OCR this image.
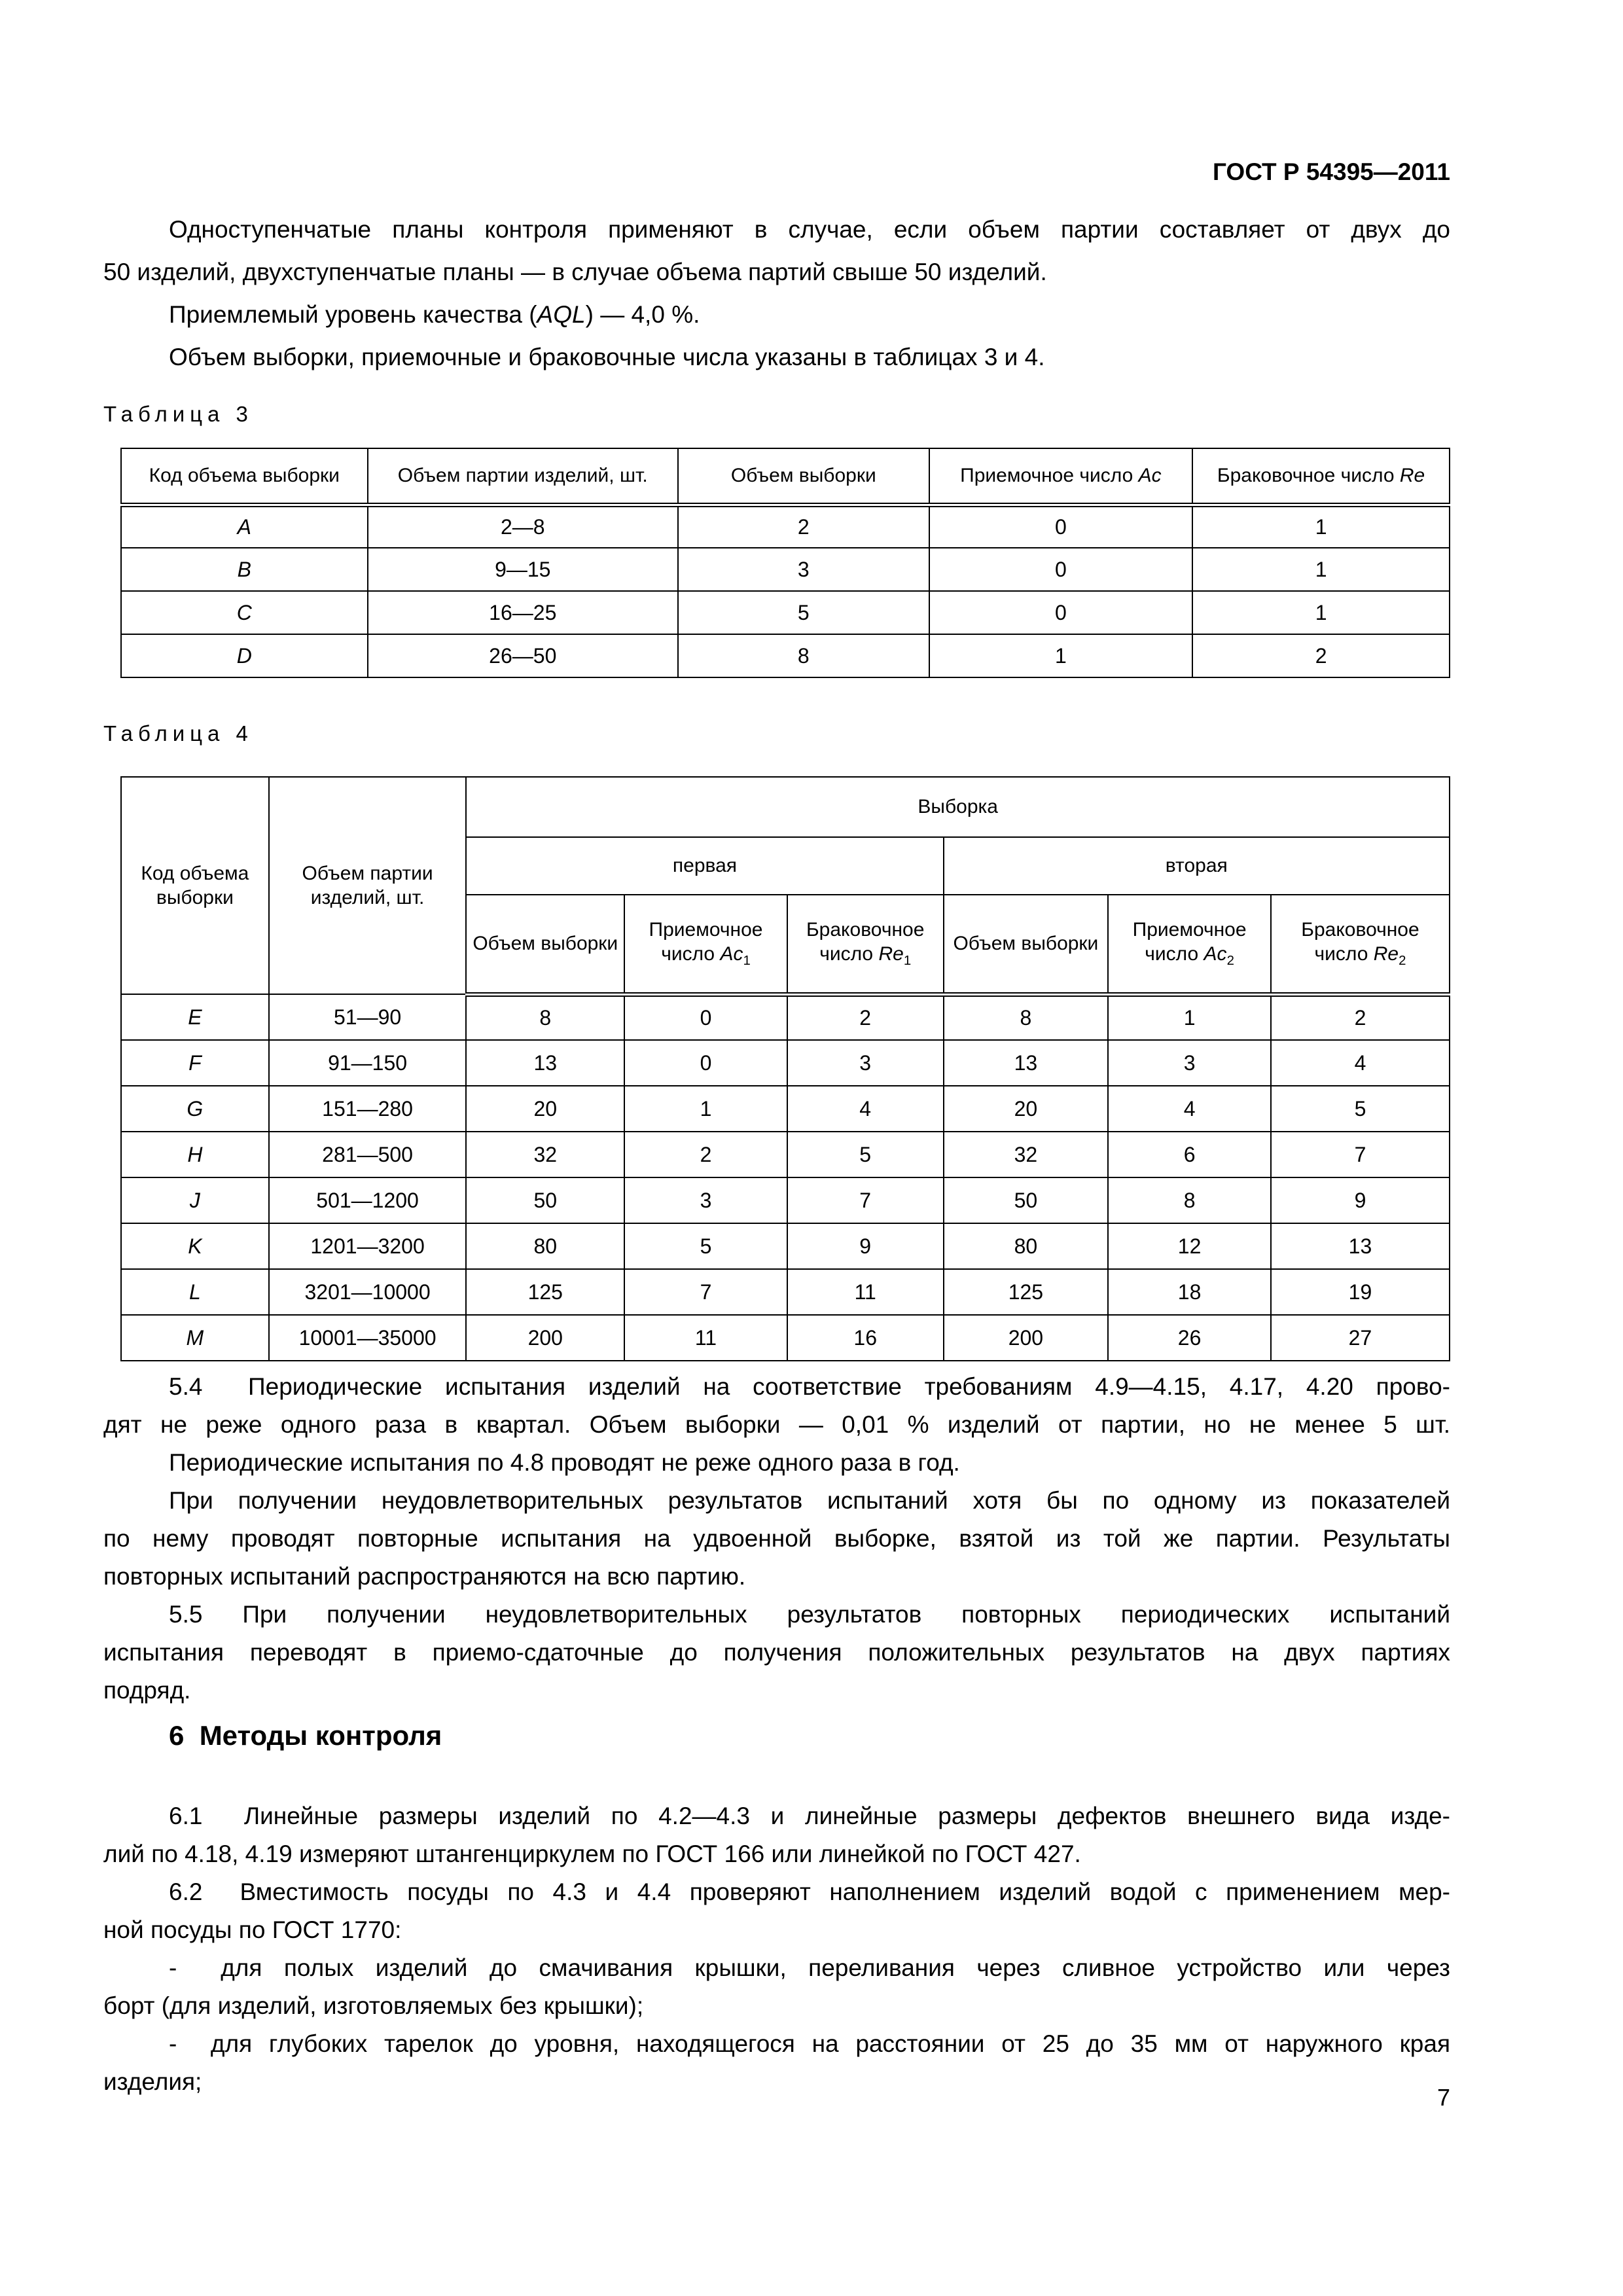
ГОСТ Р 54395—2011
Одноступенчатые планы контроля применяют в случае, если объем партии составляет от двух до
50 изделий, двухступенчатые планы — в случае объема партий свыше 50 изделий.
Приемлемый уровень качества (AQL) — 4,0 %.
Объем выборки, приемочные и браковочные числа указаны в таблицах 3 и 4.
Таблица 3
Код объема выборки	Объем партии изделий, шт.	Объем выборки	Приемочное число Ac	Браковочное число Re
A	2—8	2	0	1
B	9—15	3	0	1
C	16—25	5	0	1
D	26—50	8	1	2
Таблица 4
Код объема выборки	Объем партии изделий, шт.	Выборка					
		первая			вторая		
		Объем выборки	Приемочное число $Ac_1$	Браковочное число $Re_1$	Объем выборки	Приемочное число $Ac_2$	Браковочное число $Re_2$
E	51—90	8	0	2	8	1	2
F	91—150	13	0	3	13	3	4
G	151—280	20	1	4	20	4	5
H	281—500	32	2	5	32	6	7
J	501—1200	50	3	7	50	8	9
K	1201—3200	80	5	9	80	12	13
L	3201—10000	125	7	11	125	18	19
M	10001—35000	200	11	16	200	26	27
5.4  Периодические испытания изделий на соответствие требованиям 4.9—4.15, 4.17, 4.20 прово-
дят не реже одного раза в квартал. Объем выборки — 0,01 % изделий от партии, но не менее 5 шт.
Периодические испытания по 4.8 проводят не реже одного раза в год.
При получении неудовлетворительных результатов испытаний хотя бы по одному из показателей
по нему проводят повторные испытания на удвоенной выборке, взятой из той же партии. Результаты
повторных испытаний распространяются на всю партию.
5.5 При получении неудовлетворительных результатов повторных периодических испытаний
испытания переводят в приемо-сдаточные до получения положительных результатов на двух партиях
подряд.
6  Методы контроля
6.1  Линейные размеры изделий по 4.2—4.3 и линейные размеры дефектов внешнего вида изде-
лий по 4.18, 4.19 измеряют штангенциркулем по ГОСТ 166 или линейкой по ГОСТ 427.
6.2  Вместимость посуды по 4.3 и 4.4 проверяют наполнением изделий водой с применением мер-
ной посуды по ГОСТ 1770:
-  для полых изделий до смачивания крышки, переливания через сливное устройство или через
борт (для изделий, изготовляемых без крышки);
-  для глубоких тарелок до уровня, находящегося на расстоянии от 25 до 35 мм от наружного края
изделия;
7
